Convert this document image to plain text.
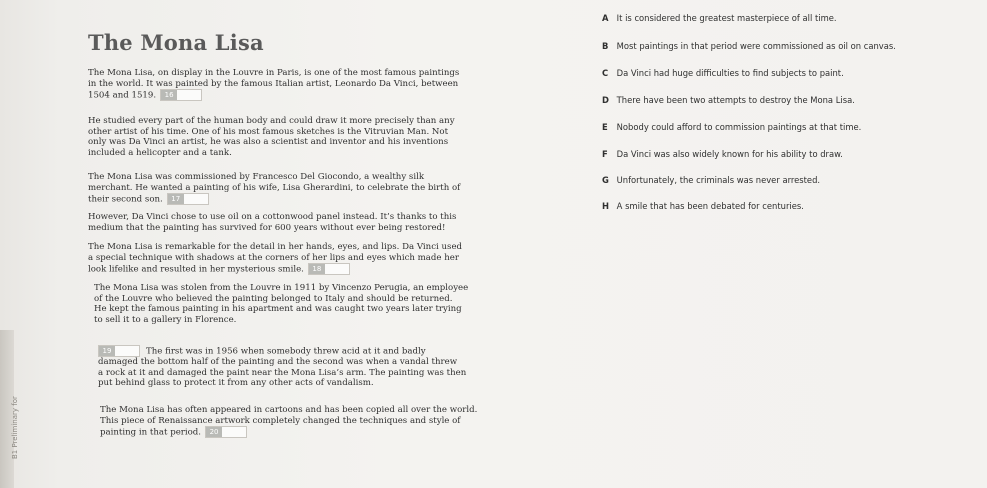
B1 Preliminary for
The Mona Lisa
The Mona Lisa, on display in the Louvre in Paris, is one of the most famous paintings
in the world. It was painted by the famous Italian artist, Leonardo Da Vinci, between
1504 and 1519.	16
He studied every part of the human body and could draw it more precisely than any
other artist of his time. One of his most famous sketches is the Vitruvian Man. Not
only was Da Vinci an artist, he was also a scientist and inventor and his inventions
included a helicopter and a tank.
The Mona Lisa was commissioned by Francesco Del Giocondo, a wealthy silk
merchant. He wanted a painting of his wife, Lisa Gherardini, to celebrate the birth of
their second son.	17
However, Da Vinci chose to use oil on a cottonwood panel instead. It’s thanks to this
medium that the painting has survived for 600 years without ever being restored!
The Mona Lisa is remarkable for the detail in her hands, eyes, and lips. Da Vinci used
a special technique with shadows at the corners of her lips and eyes which made her
look lifelike and resulted in her mysterious smile.	18
The Mona Lisa was stolen from the Louvre in 1911 by Vincenzo Perugia, an employee
of the Louvre who believed the painting belonged to Italy and should be returned.
He kept the famous painting in his apartment and was caught two years later trying
to sell it to a gallery in Florence.
19	The first was in 1956 when somebody threw acid at it and badly
damaged the bottom half of the painting and the second was when a vandal threw
a rock at it and damaged the paint near the Mona Lisa’s arm. The painting was then
put behind glass to protect it from any other acts of vandalism.
The Mona Lisa has often appeared in cartoons and has been copied all over the world.
This piece of Renaissance artwork completely changed the techniques and style of
painting in that period.	20
A It is considered the greatest masterpiece of all time.
B Most paintings in that period were commissioned as oil on canvas.
C Da Vinci had huge difficulties to find subjects to paint.
D There have been two attempts to destroy the Mona Lisa.
E Nobody could afford to commission paintings at that time.
F Da Vinci was also widely known for his ability to draw.
G Unfortunately, the criminals was never arrested.
H A smile that has been debated for centuries.
